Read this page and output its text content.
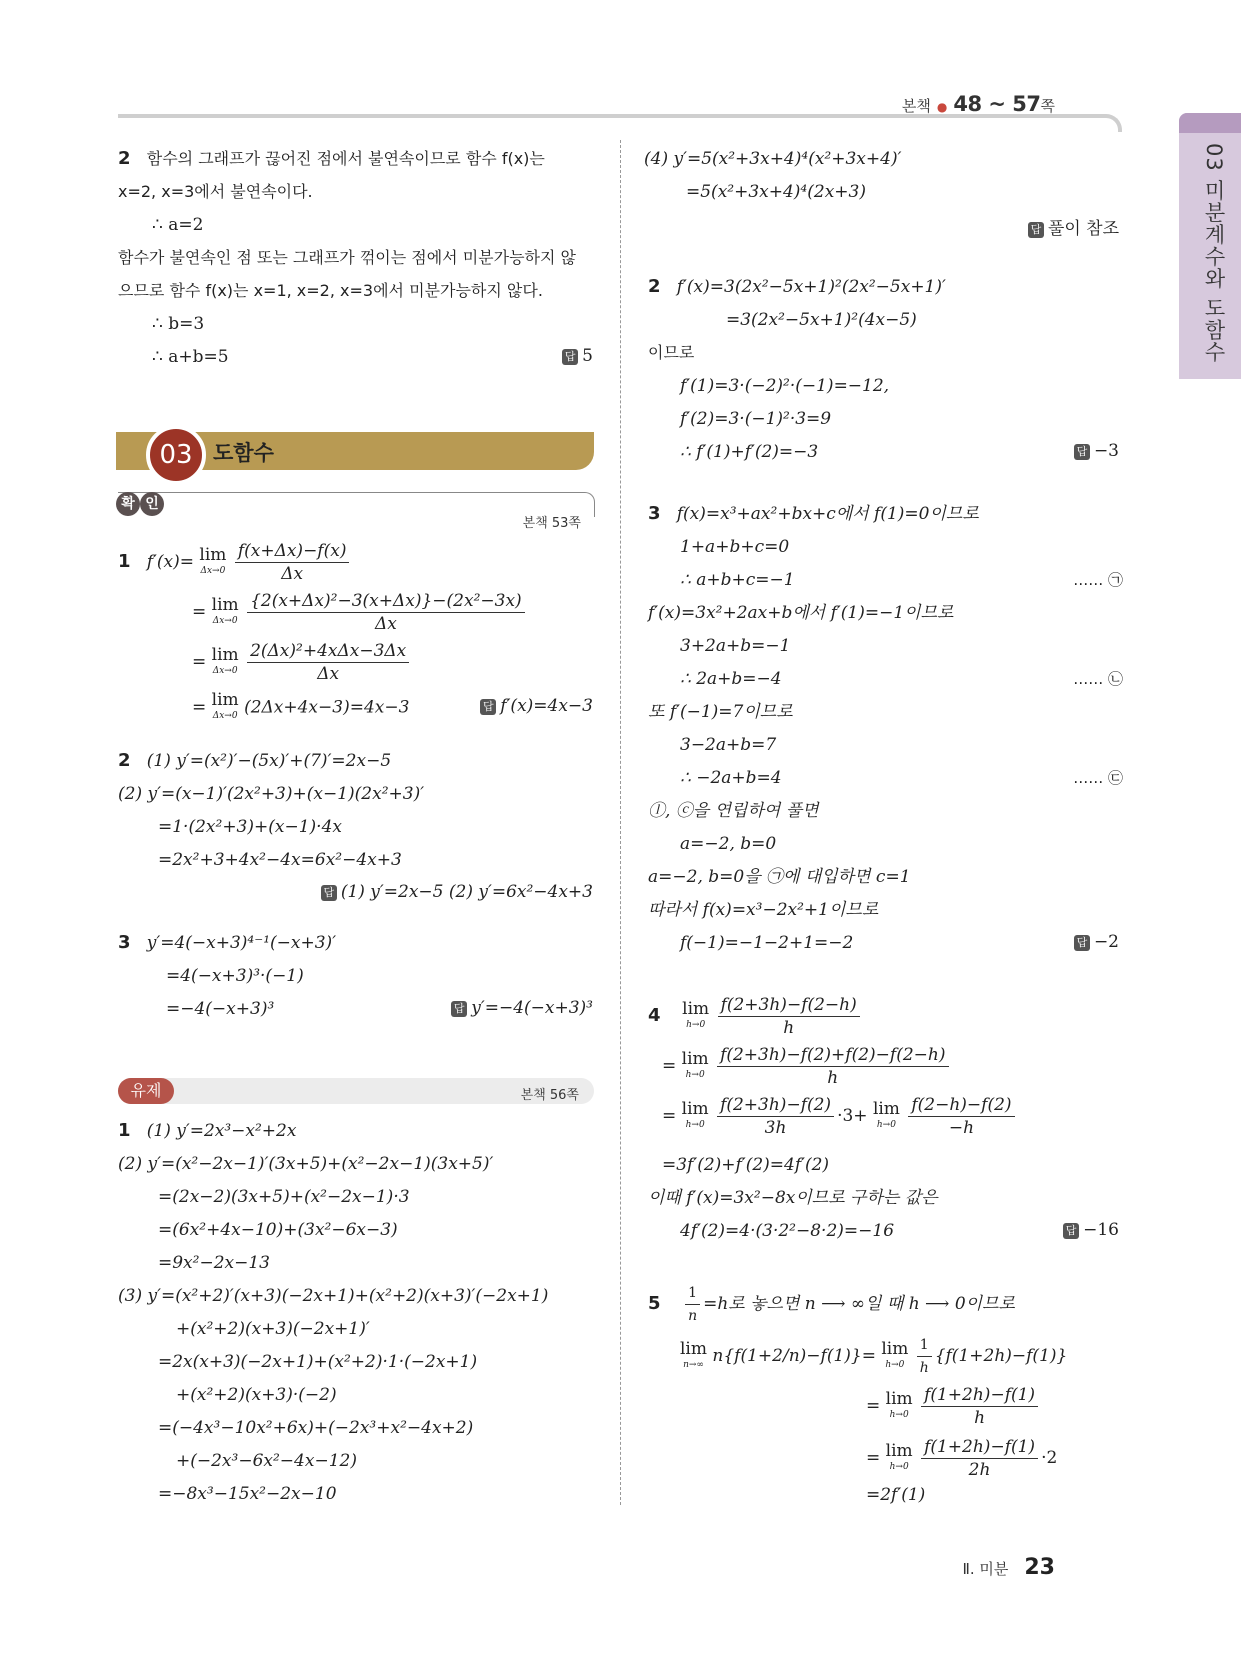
본책 ● 48 ~ 57쪽
03 미분계수와 도함수
2 함수의 그래프가 끊어진 점에서 불연속이므로 함수 f(x)는
x=2, x=3에서 불연속이다.
∴ a=2
함수가 불연속인 점 또는 그래프가 꺾이는 점에서 미분가능하지 않
으므로 함수 f(x)는 x=1, x=2, x=3에서 미분가능하지 않다.
∴ b=3
∴ a+b=5	답 5
03 도함수
확 인
본책 53쪽
1 f′(x)= lim
Δx→0
$\frac{f(x+\Delta x)-f(x)}{\Delta x}$
= lim
Δx→0
$\frac{\text{\{2(x+Δx)²−3(x+Δx)\}−(2x²−3x)}}{\Delta x}$
= lim
Δx→0
$\frac{\text{2(Δx)²+4xΔx−3Δx}}{\Delta x}$
= lim
Δx→0 (2Δx+4x−3)=4x−3	답 f′(x)=4x−3
2 (1) y′=(x²)′−(5x)′+(7)′=2x−5
(2) y′=(x−1)′(2x²+3)+(x−1)(2x²+3)′
=1·(2x²+3)+(x−1)·4x
=2x²+3+4x²−4x=6x²−4x+3
답 (1) y′=2x−5 (2) y′=6x²−4x+3
3 y′=4(−x+3)⁴⁻¹(−x+3)′
=4(−x+3)³·(−1)
=−4(−x+3)³	답 y′=−4(−x+3)³
유제	본책 56쪽
1 (1) y′=2x³−x²+2x
(2) y′=(x²−2x−1)′(3x+5)+(x²−2x−1)(3x+5)′
=(2x−2)(3x+5)+(x²−2x−1)·3
=(6x²+4x−10)+(3x²−6x−3)
=9x²−2x−13
(3) y′=(x²+2)′(x+3)(−2x+1)+(x²+2)(x+3)′(−2x+1)
+(x²+2)(x+3)(−2x+1)′
=2x(x+3)(−2x+1)+(x²+2)·1·(−2x+1)
+(x²+2)(x+3)·(−2)
=(−4x³−10x²+6x)+(−2x³+x²−4x+2)
+(−2x³−6x²−4x−12)
=−8x³−15x²−2x−10
(4) y′=5(x²+3x+4)⁴(x²+3x+4)′
=5(x²+3x+4)⁴(2x+3)
답 풀이 참조
2 f′(x)=3(2x²−5x+1)²(2x²−5x+1)′
=3(2x²−5x+1)²(4x−5)
이므로
f′(1)=3·(−2)²·(−1)=−12,
f′(2)=3·(−1)²·3=9
∴ f′(1)+f′(2)=−3	답 −3
3 f(x)=x³+ax²+bx+c에서 f(1)=0이므로
1+a+b+c=0
∴ a+b+c=−1	…… ㉠
f′(x)=3x²+2ax+b에서 f′(1)=−1이므로
3+2a+b=−1
∴ 2a+b=−4	…… ㉡
또 f′(−1)=7이므로
3−2a+b=7
∴ −2a+b=4	…… ㉢
ⓛ, ⓒ을 연립하여 풀면
a=−2, b=0
a=−2, b=0을 ㉠에 대입하면 c=1
따라서 f(x)=x³−2x²+1이므로
f(−1)=−1−2+1=−2	답 −2
4 lim
h→0
$\frac{f(2+3h)-f(2-h)}{h}$
= lim
h→0
$\frac{f(2+3h)-f(2)+f(2)-f(2-h)}{h}$
= lim
h→0
$\frac{f(2+3h)-f(2)}{3h} \cdot 3+ \lim$
h→0
$\frac{f(2-h)-f(2)}{-h}$
=3f′(2)+f′(2)=4f′(2)
이때 f′(x)=3x²−8x이므로 구하는 값은
4f′(2)=4·(3·2²−8·2)=−16	답 −16
$5 \frac{1}{n} =h$로 놓으면 n ⟶ ∞일 때 h ⟶ 0이므로
lim
n→∞ n{f(1+2/n)−f(1)}= lim
h→0
$\frac{1}{h} \{f(1+2h)-f(1)\}$
= lim
h→0
$\frac{f(1+2h)-f(1)}{h}$
= lim
h→0
$\frac{f(1+2h)-f(1)}{2h} \cdot 2$
=2f′(1)
Ⅱ. 미분 23
